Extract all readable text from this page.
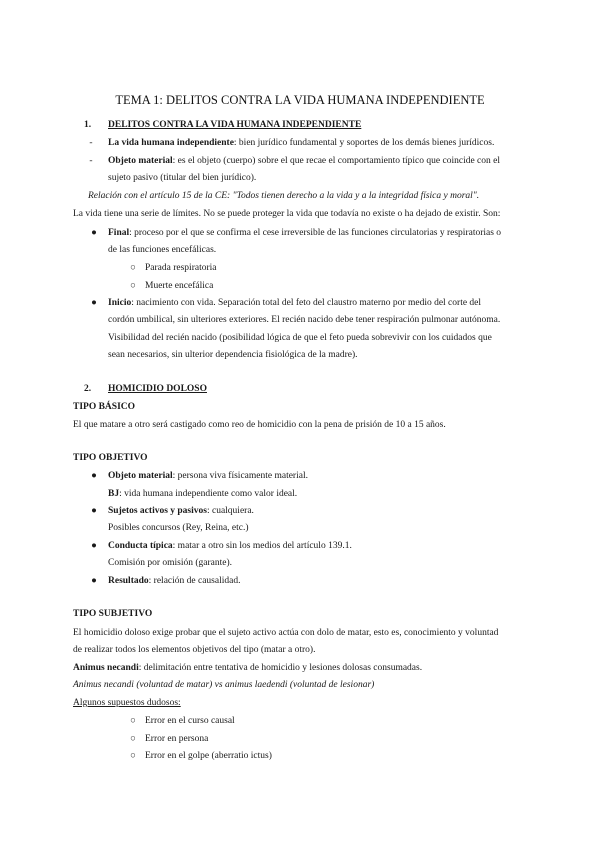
TEMA 1: DELITOS CONTRA LA VIDA HUMANA INDEPENDIENTE
1. DELITOS CONTRA LA VIDA HUMANA INDEPENDIENTE
-	La vida humana independiente: bien jurídico fundamental y soportes de los demás bienes jurídicos.
-	Objeto material: es el objeto (cuerpo) sobre el que recae el comportamiento típico que coincide con el
sujeto pasivo (titular del bien jurídico).
Relación con el artículo 15 de la CE: "Todos tienen derecho a la vida y a la integridad física y moral".
La vida tiene una serie de límites. No se puede proteger la vida que todavía no existe o ha dejado de existir. Son:
● Final: proceso por el que se confirma el cese irreversible de las funciones circulatorias y respiratorias o
de las funciones encefálicas.
○ Parada respiratoria
○ Muerte encefálica
● Inicio: nacimiento con vida. Separación total del feto del claustro materno por medio del corte del
cordón umbilical, sin ulteriores exteriores. El recién nacido debe tener respiración pulmonar autónoma.
Visibilidad del recién nacido (posibilidad lógica de que el feto pueda sobrevivir con los cuidados que
sean necesarios, sin ulterior dependencia fisiológica de la madre).
2. HOMICIDIO DOLOSO
TIPO BÁSICO
El que matare a otro será castigado como reo de homicidio con la pena de prisión de 10 a 15 años.
TIPO OBJETIVO
● Objeto material: persona viva físicamente material.
BJ: vida humana independiente como valor ideal.
● Sujetos activos y pasivos: cualquiera.
Posibles concursos (Rey, Reina, etc.)
● Conducta típica: matar a otro sin los medios del artículo 139.1.
Comisión por omisión (garante).
● Resultado: relación de causalidad.
TIPO SUBJETIVO
El homicidio doloso exige probar que el sujeto activo actúa con dolo de matar, esto es, conocimiento y voluntad
de realizar todos los elementos objetivos del tipo (matar a otro).
Animus necandi: delimitación entre tentativa de homicidio y lesiones dolosas consumadas.
Animus necandi (voluntad de matar) vs animus laedendi (voluntad de lesionar)
Algunos supuestos dudosos:
○ Error en el curso causal
○ Error en persona
○ Error en el golpe (aberratio ictus)
